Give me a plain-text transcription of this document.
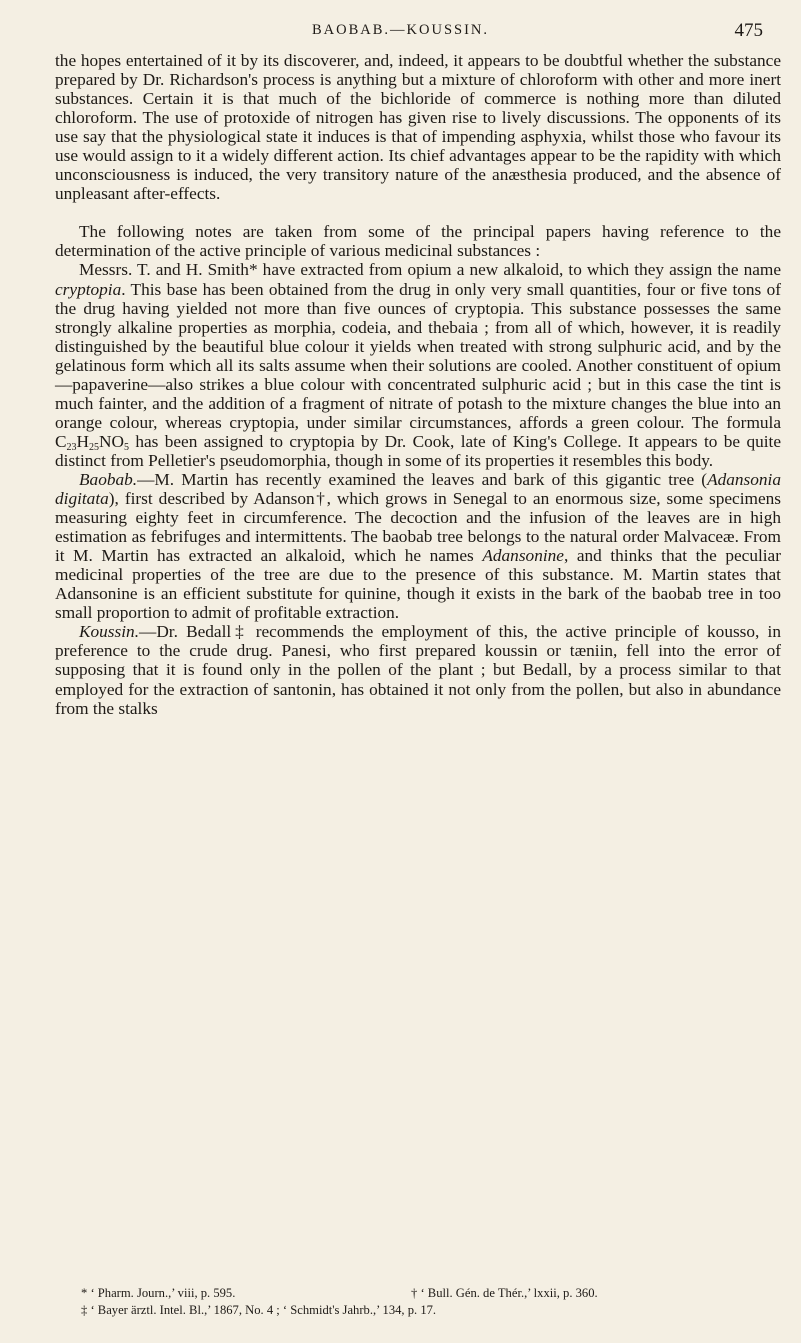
BAOBAB.—KOUSSIN.	475

the hopes entertained of it by its discoverer, and, indeed, it appears to be doubtful whether the substance prepared by Dr. Richardson's process is anything but a mixture of chloroform with other and more inert substances. Certain it is that much of the bichloride of commerce is nothing more than diluted chloroform. The use of protoxide of nitrogen has given rise to lively discussions. The opponents of its use say that the physiological state it induces is that of impending asphyxia, whilst those who favour its use would assign to it a widely different action. Its chief advantages appear to be the rapidity with which unconsciousness is induced, the very transitory nature of the anæsthesia produced, and the absence of unpleasant after-effects.

The following notes are taken from some of the principal papers having reference to the determination of the active principle of various medicinal substances :

Messrs. T. and H. Smith* have extracted from opium a new alkaloid, to which they assign the name cryptopia. This base has been obtained from the drug in only very small quantities, four or five tons of the drug having yielded not more than five ounces of cryptopia. This substance possesses the same strongly alkaline properties as morphia, codeia, and thebaia ; from all of which, however, it is readily distinguished by the beautiful blue colour it yields when treated with strong sulphuric acid, and by the gelatinous form which all its salts assume when their solutions are cooled. Another constituent of opium—papaverine—also strikes a blue colour with concentrated sulphuric acid ; but in this case the tint is much fainter, and the addition of a fragment of nitrate of potash to the mixture changes the blue into an orange colour, whereas cryptopia, under similar circumstances, affords a green colour. The formula $C_{23}H_{25}NO_5$ has been assigned to cryptopia by Dr. Cook, late of King's College. It appears to be quite distinct from Pelletier's pseudomorphia, though in some of its properties it resembles this body.

Baobab.—M. Martin has recently examined the leaves and bark of this gigantic tree (Adansonia digitata), first described by Adanson†, which grows in Senegal to an enormous size, some specimens measuring eighty feet in circumference. The decoction and the infusion of the leaves are in high estimation as febrifuges and intermittents. The baobab tree belongs to the natural order Malvaceæ. From it M. Martin has extracted an alkaloid, which he names Adansonine, and thinks that the peculiar medicinal properties of the tree are due to the presence of this substance. M. Martin states that Adansonine is an efficient substitute for quinine, though it exists in the bark of the baobab tree in too small proportion to admit of profitable extraction.

Koussin.—Dr. Bedall‡ recommends the employment of this, the active principle of kousso, in preference to the crude drug. Panesi, who first prepared koussin or tæniin, fell into the error of supposing that it is found only in the pollen of the plant ; but Bedall, by a process similar to that employed for the extraction of santonin, has obtained it not only from the pollen, but also in abundance from the stalks

* ‘ Pharm. Journ.,’ viii, p. 595.	† ‘ Bull. Gén. de Thér.,’ lxxii, p. 360.
‡ ‘ Bayer ärztl. Intel. Bl.,’ 1867, No. 4 ; ‘ Schmidt's Jahrb.,’ 134, p. 17.
